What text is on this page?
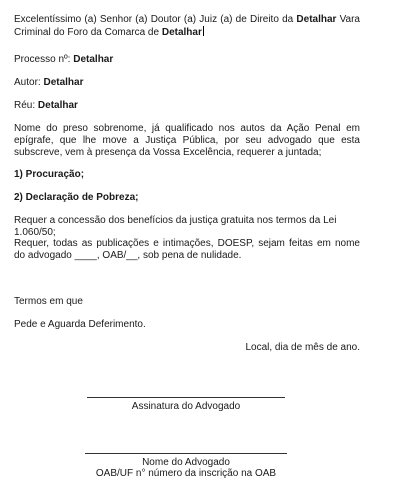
Excelentíssimo (a) Senhor (a) Doutor (a) Juiz (a) de Direito da Detalhar Vara Criminal do Foro da Comarca de Detalhar

Processo nº: Detalhar

Autor: Detalhar

Réu: Detalhar

Nome do preso sobrenome, já qualificado nos autos da Ação Penal em epígrafe, que lhe move a Justiça Pública, por seu advogado que esta subscreve, vem à presença da Vossa Excelência, requerer a juntada;

1) Procuração;

2) Declaração de Pobreza;

Requer a concessão dos benefícios da justiça gratuita nos termos da Lei 1.060/50;

Requer, todas as publicações e intimações, DOESP, sejam feitas em nome do advogado ____, OAB/__, sob pena de nulidade.

Termos em que

Pede e Aguarda Deferimento.

Local, dia de mês de ano.

Assinatura do Advogado
Nome do Advogado
OAB/UF n° número da inscrição na OAB
